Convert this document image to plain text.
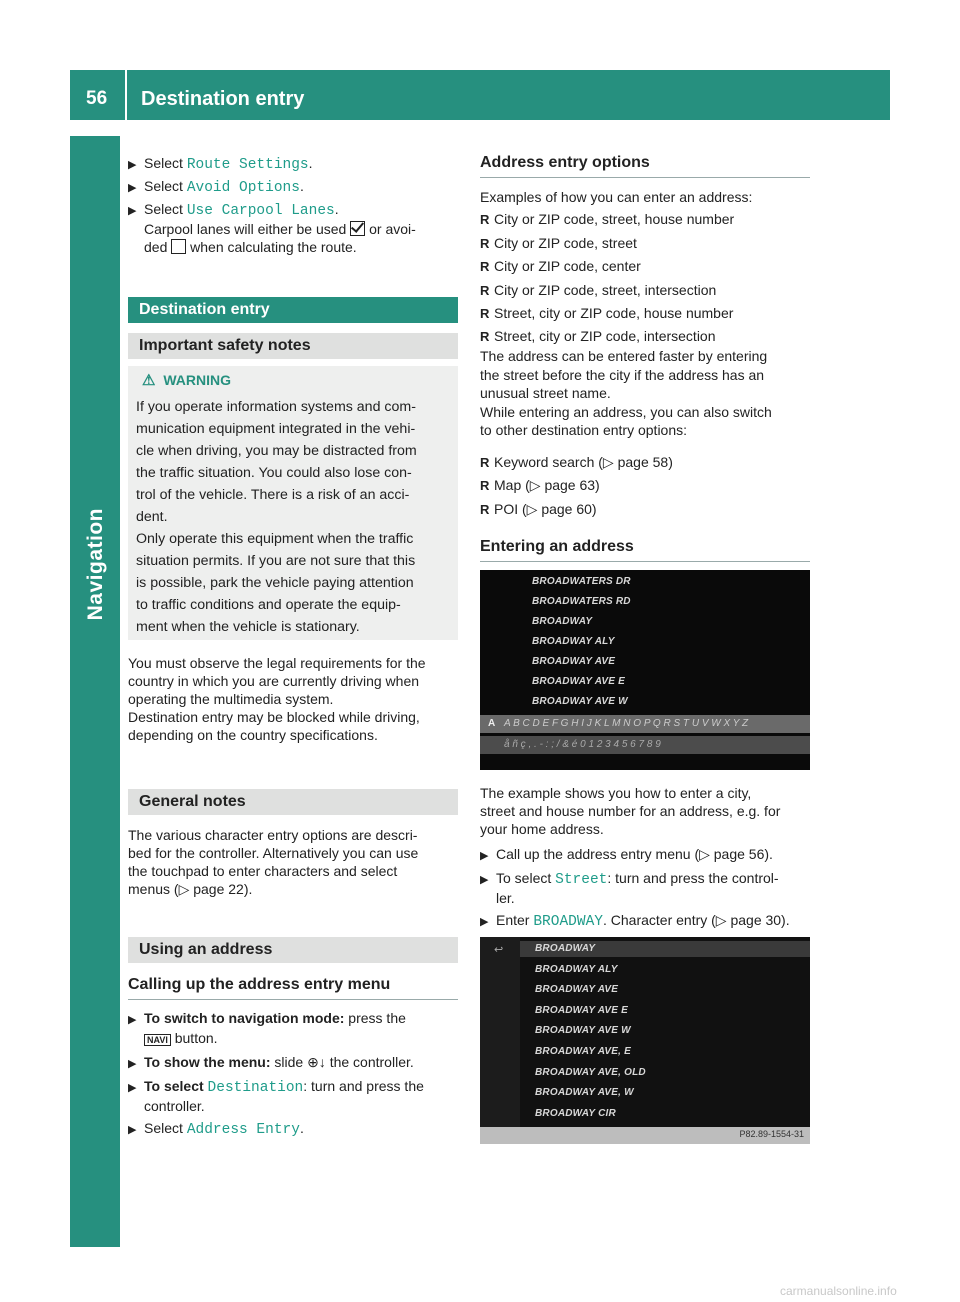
56 Destination entry
Navigation
▶ Select Route Settings.
▶ Select Avoid Options.
▶ Select Use Carpool Lanes.
Carpool lanes will either be used  or avoi-
ded  when calculating the route.
Destination entry
Important safety notes
⚠ WARNING
If you operate information systems and com-
munication equipment integrated in the vehi-
cle when driving, you may be distracted from
the traffic situation. You could also lose con-
trol of the vehicle. There is a risk of an acci-
dent.
Only operate this equipment when the traffic
situation permits. If you are not sure that this
is possible, park the vehicle paying attention
to traffic conditions and operate the equip-
ment when the vehicle is stationary.
You must observe the legal requirements for the
country in which you are currently driving when
operating the multimedia system.
Destination entry may be blocked while driving,
depending on the country specifications.
General notes
The various character entry options are descri-
bed for the controller. Alternatively you can use
the touchpad to enter characters and select
menus (▷ page 22).
Using an address
Calling up the address entry menu
▶ To switch to navigation mode: press the
NAVI button.
▶ To show the menu: slide ⊕↓ the controller.
▶ To select Destination: turn and press the
controller.
▶ Select Address Entry.
Address entry options
Examples of how you can enter an address:
R City or ZIP code, street, house number
R City or ZIP code, street
R City or ZIP code, center
R City or ZIP code, street, intersection
R Street, city or ZIP code, house number
R Street, city or ZIP code, intersection
The address can be entered faster by entering
the street before the city if the address has an
unusual street name.
While entering an address, you can also switch
to other destination entry options:
R Keyword search (▷ page 58)
R Map (▷ page 63)
R POI (▷ page 60)
Entering an address
BROADWATERS DR
BROADWATERS RD
BROADWAY
BROADWAY ALY
BROADWAY AVE
BROADWAY AVE E
BROADWAY AVE W
A A B C D E F G H I J K L M N O P Q R S T U V W X Y Z
å ñ ç , . - : ; / & é 0 1 2 3 4 5 6 7 8 9
The example shows you how to enter a city,
street and house number for an address, e.g. for
your home address.
▶ Call up the address entry menu (▷ page 56).
▶ To select Street: turn and press the control-
ler.
▶ Enter BROADWAY. Character entry (▷ page 30).
↩	BROADWAY
BROADWAY ALY
BROADWAY AVE
BROADWAY AVE E
BROADWAY AVE W
BROADWAY AVE, E
BROADWAY AVE, OLD
BROADWAY AVE, W
BROADWAY CIR
P82.89-1554-31
carmanualsonline.info
